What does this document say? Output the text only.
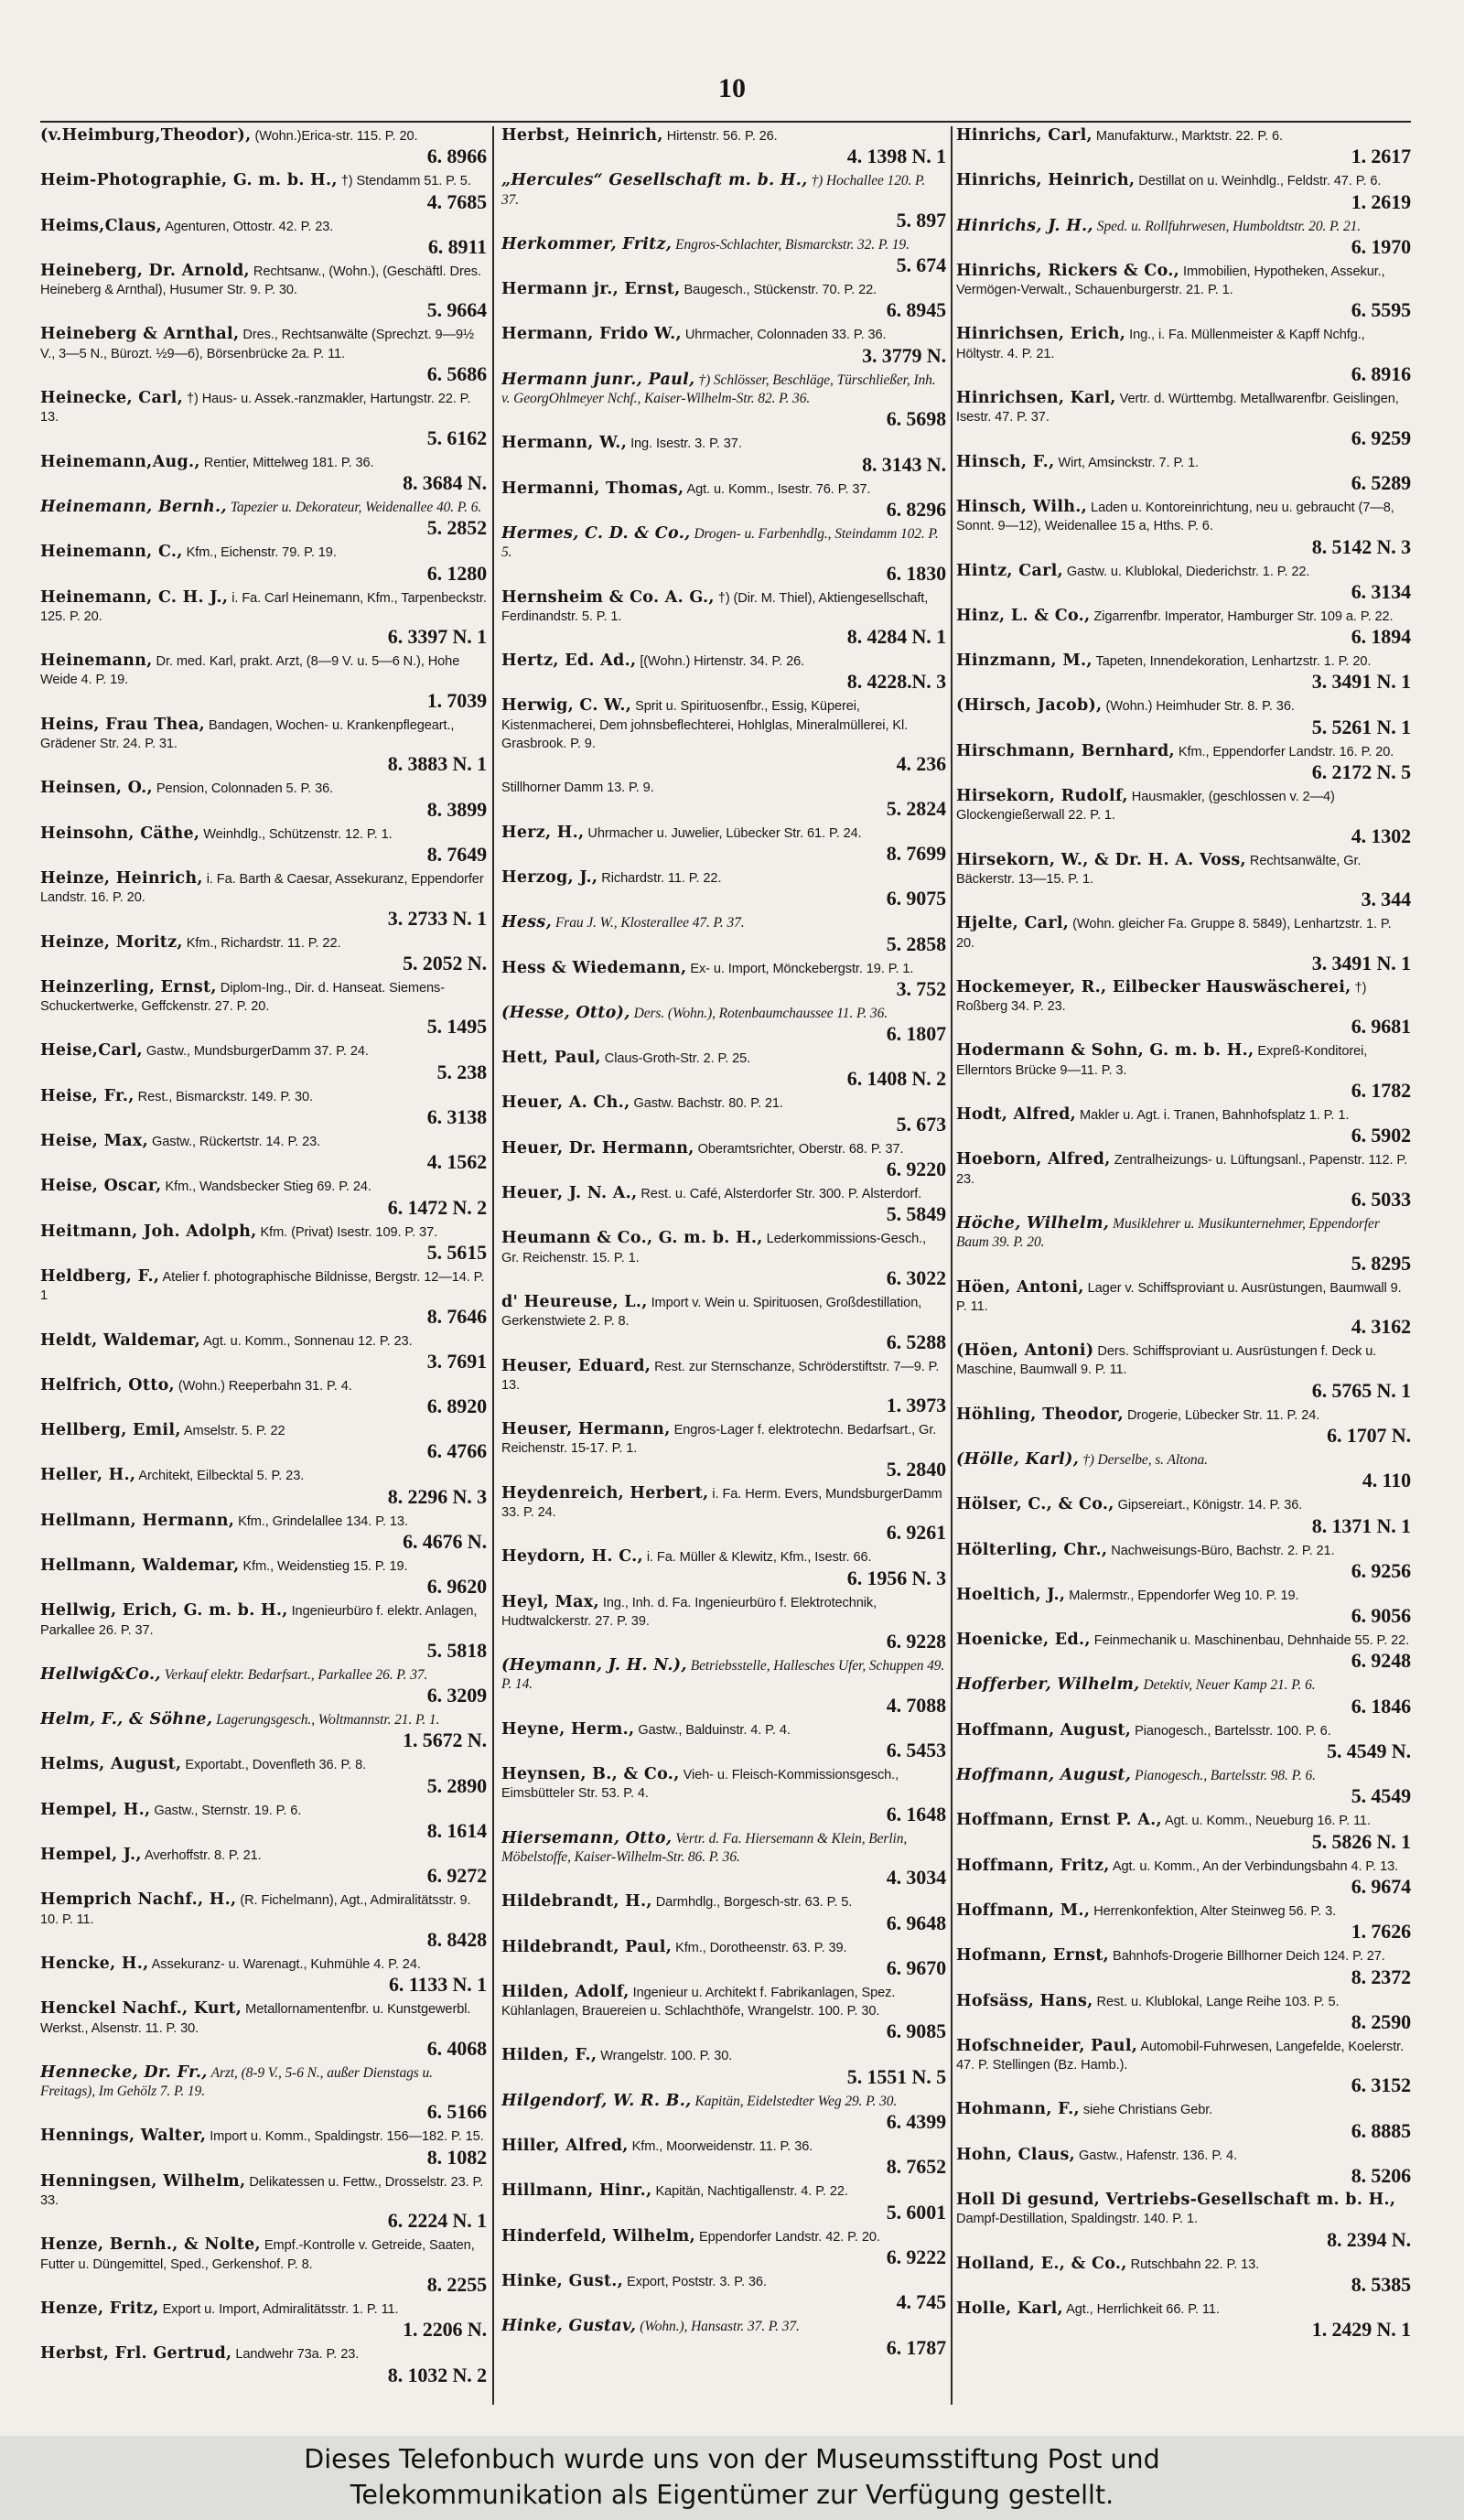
10
(v.Heimburg,Theodor), (Wohn.)Erica-str. 115. P. 20.
6. 8966
Heim-Photographie, G. m. b. H., †) Stendamm 51. P. 5.
4. 7685
Heims,Claus, Agenturen, Ottostr. 42. P. 23.
6. 8911
Heineberg, Dr. Arnold, Rechtsanw., (Wohn.), (Geschäftl. Dres. Heineberg & Arnthal), Husumer Str. 9. P. 30.
5. 9664
Heineberg & Arnthal, Dres., Rechtsanwälte (Sprechzt. 9—9½ V., 3—5 N., Bürozt. ½9—6), Börsenbrücke 2a. P. 11.
6. 5686
Heinecke, Carl, †) Haus- u. Assek.-ranzmakler, Hartungstr. 22. P. 13.
5. 6162
Heinemann,Aug., Rentier, Mittelweg 181. P. 36.
8. 3684 N.
Heinemann, Bernh., Tapezier u. Dekorateur, Weidenallee 40. P. 6.
5. 2852
Heinemann, C., Kfm., Eichenstr. 79. P. 19.
6. 1280
Heinemann, C. H. J., i. Fa. Carl Heinemann, Kfm., Tarpenbeckstr. 125. P. 20.
6. 3397 N. 1
Heinemann, Dr. med. Karl, prakt. Arzt, (8—9 V. u. 5—6 N.), Hohe Weide 4. P. 19.
1. 7039
Heins, Frau Thea, Bandagen, Wochen- u. Krankenpflegeart., Grädener Str. 24. P. 31.
8. 3883 N. 1
Heinsen, O., Pension, Colonnaden 5. P. 36.
8. 3899
Heinsohn, Cäthe, Weinhdlg., Schützenstr. 12. P. 1.
8. 7649
Heinze, Heinrich, i. Fa. Barth & Caesar, Assekuranz, Eppendorfer Landstr. 16. P. 20.
3. 2733 N. 1
Heinze, Moritz, Kfm., Richardstr. 11. P. 22.
5. 2052 N.
Heinzerling, Ernst, Diplom-Ing., Dir. d. Hanseat. Siemens-Schuckertwerke, Geffckenstr. 27. P. 20.
5. 1495
Heise,Carl, Gastw., MundsburgerDamm 37. P. 24.
5. 238
Heise, Fr., Rest., Bismarckstr. 149. P. 30.
6. 3138
Heise, Max, Gastw., Rückertstr. 14. P. 23.
4. 1562
Heise, Oscar, Kfm., Wandsbecker Stieg 69. P. 24.
6. 1472 N. 2
Heitmann, Joh. Adolph, Kfm. (Privat) Isestr. 109. P. 37.
5. 5615
Heldberg, F., Atelier f. photographische Bildnisse, Bergstr. 12—14. P. 1
8. 7646
Heldt, Waldemar, Agt. u. Komm., Sonnenau 12. P. 23.
3. 7691
Helfrich, Otto, (Wohn.) Reeperbahn 31. P. 4.
6. 8920
Hellberg, Emil, Amselstr. 5. P. 22
6. 4766
Heller, H., Architekt, Eilbecktal 5. P. 23.
8. 2296 N. 3
Hellmann, Hermann, Kfm., Grindelallee 134. P. 13.
6. 4676 N.
Hellmann, Waldemar, Kfm., Weidenstieg 15. P. 19.
6. 9620
Hellwig, Erich, G. m. b. H., Ingenieurbüro f. elektr. Anlagen, Parkallee 26. P. 37.
5. 5818
Hellwig&Co., Verkauf elektr. Bedarfsart., Parkallee 26. P. 37.
6. 3209
Helm, F., & Söhne, Lagerungsgesch., Woltmannstr. 21. P. 1.
1. 5672 N.
Helms, August, Exportabt., Dovenfleth 36. P. 8.
5. 2890
Hempel, H., Gastw., Sternstr. 19. P. 6.
8. 1614
Hempel, J., Averhoffstr. 8. P. 21.
6. 9272
Hemprich Nachf., H., (R. Fichelmann), Agt., Admiralitätsstr. 9. 10. P. 11.
8. 8428
Hencke, H., Assekuranz- u. Warenagt., Kuhmühle 4. P. 24.
6. 1133 N. 1
Henckel Nachf., Kurt, Metallornamentenfbr. u. Kunstgewerbl. Werkst., Alsenstr. 11. P. 30.
6. 4068
Hennecke, Dr. Fr., Arzt, (8-9 V., 5-6 N., außer Dienstags u. Freitags), Im Gehölz 7. P. 19.
6. 5166
Hennings, Walter, Import u. Komm., Spaldingstr. 156—182. P. 15.
8. 1082
Henningsen, Wilhelm, Delikatessen u. Fettw., Drosselstr. 23. P. 33.
6. 2224 N. 1
Henze, Bernh., & Nolte, Empf.-Kontrolle v. Getreide, Saaten, Futter u. Düngemittel, Sped., Gerkenshof. P. 8.
8. 2255
Henze, Fritz, Export u. Import, Admiralitätsstr. 1. P. 11.
1. 2206 N.
Herbst, Frl. Gertrud, Landwehr 73a. P. 23.
8. 1032 N. 2
Herbst, Heinrich, Hirtenstr. 56. P. 26.
4. 1398 N. 1
„Hercules“ Gesellschaft m. b. H., †) Hochallee 120. P. 37.
5. 897
Herkommer, Fritz, Engros-Schlachter, Bismarckstr. 32. P. 19.
5. 674
Hermann jr., Ernst, Baugesch., Stückenstr. 70. P. 22.
6. 8945
Hermann, Frido W., Uhrmacher, Colonnaden 33. P. 36.
3. 3779 N.
Hermann junr., Paul, †) Schlösser, Beschläge, Türschließer, Inh. v. GeorgOhlmeyer Nchf., Kaiser-Wilhelm-Str. 82. P. 36.
6. 5698
Hermann, W., Ing. Isestr. 3. P. 37.
8. 3143 N.
Hermanni, Thomas, Agt. u. Komm., Isestr. 76. P. 37.
6. 8296
Hermes, C. D. & Co., Drogen- u. Farbenhdlg., Steindamm 102. P. 5.
6. 1830
Hernsheim & Co. A. G., †) (Dir. M. Thiel), Aktiengesellschaft, Ferdinandstr. 5. P. 1.
8. 4284 N. 1
Hertz, Ed. Ad., [(Wohn.) Hirtenstr. 34. P. 26.
8. 4228.N. 3
Herwig, C. W., Sprit u. Spirituosenfbr., Essig, Küperei, Kistenmacherei, Dem johnsbeflechterei, Hohlglas, Mineralmüllerei, Kl. Grasbrook. P. 9.
4. 236
Stillhorner Damm 13. P. 9.
5. 2824
Herz, H., Uhrmacher u. Juwelier, Lübecker Str. 61. P. 24.
8. 7699
Herzog, J., Richardstr. 11. P. 22.
6. 9075
Hess, Frau J. W., Klosterallee 47. P. 37.
5. 2858
Hess & Wiedemann, Ex- u. Import, Mönckebergstr. 19. P. 1.
3. 752
(Hesse, Otto), Ders. (Wohn.), Rotenbaumchaussee 11. P. 36.
6. 1807
Hett, Paul, Claus-Groth-Str. 2. P. 25.
6. 1408 N. 2
Heuer, A. Ch., Gastw. Bachstr. 80. P. 21.
5. 673
Heuer, Dr. Hermann, Oberamtsrichter, Oberstr. 68. P. 37.
6. 9220
Heuer, J. N. A., Rest. u. Café, Alsterdorfer Str. 300. P. Alsterdorf.
5. 5849
Heumann & Co., G. m. b. H., Lederkommissions-Gesch., Gr. Reichenstr. 15. P. 1.
6. 3022
d' Heureuse, L., Import v. Wein u. Spirituosen, Großdestillation, Gerkenstwiete 2. P. 8.
6. 5288
Heuser, Eduard, Rest. zur Sternschanze, Schröderstiftstr. 7—9. P. 13.
1. 3973
Heuser, Hermann, Engros-Lager f. elektrotechn. Bedarfsart., Gr. Reichenstr. 15-17. P. 1.
5. 2840
Heydenreich, Herbert, i. Fa. Herm. Evers, MundsburgerDamm 33. P. 24.
6. 9261
Heydorn, H. C., i. Fa. Müller & Klewitz, Kfm., Isestr. 66.
6. 1956 N. 3
Heyl, Max, Ing., Inh. d. Fa. Ingenieurbüro f. Elektrotechnik, Hudtwalckerstr. 27. P. 39.
6. 9228
(Heymann, J. H. N.), Betriebsstelle, Hallesches Ufer, Schuppen 49. P. 14.
4. 7088
Heyne, Herm., Gastw., Balduinstr. 4. P. 4.
6. 5453
Heynsen, B., & Co., Vieh- u. Fleisch-Kommissionsgesch., Eimsbütteler Str. 53. P. 4.
6. 1648
Hiersemann, Otto, Vertr. d. Fa. Hiersemann & Klein, Berlin, Möbelstoffe, Kaiser-Wilhelm-Str. 86. P. 36.
4. 3034
Hildebrandt, H., Darmhdlg., Borgesch-str. 63. P. 5.
6. 9648
Hildebrandt, Paul, Kfm., Dorotheenstr. 63. P. 39.
6. 9670
Hilden, Adolf, Ingenieur u. Architekt f. Fabrikanlagen, Spez. Kühlanlagen, Brauereien u. Schlachthöfe, Wrangelstr. 100. P. 30.
6. 9085
Hilden, F., Wrangelstr. 100. P. 30.
5. 1551 N. 5
Hilgendorf, W. R. B., Kapitän, Eidelstedter Weg 29. P. 30.
6. 4399
Hiller, Alfred, Kfm., Moorweidenstr. 11. P. 36.
8. 7652
Hillmann, Hinr., Kapitän, Nachtigallenstr. 4. P. 22.
5. 6001
Hinderfeld, Wilhelm, Eppendorfer Landstr. 42. P. 20.
6. 9222
Hinke, Gust., Export, Poststr. 3. P. 36.
4. 745
Hinke, Gustav, (Wohn.), Hansastr. 37. P. 37.
6. 1787
Hinrichs, Carl, Manufakturw., Marktstr. 22. P. 6.
1. 2617
Hinrichs, Heinrich, Destillat on u. Weinhdlg., Feldstr. 47. P. 6.
1. 2619
Hinrichs, J. H., Sped. u. Rollfuhrwesen, Humboldtstr. 20. P. 21.
6. 1970
Hinrichs, Rickers & Co., Immobilien, Hypotheken, Assekur., Vermögen-Verwalt., Schauenburgerstr. 21. P. 1.
6. 5595
Hinrichsen, Erich, Ing., i. Fa. Müllenmeister & Kapff Nchfg., Höltystr. 4. P. 21.
6. 8916
Hinrichsen, Karl, Vertr. d. Württembg. Metallwarenfbr. Geislingen, Isestr. 47. P. 37.
6. 9259
Hinsch, F., Wirt, Amsinckstr. 7. P. 1.
6. 5289
Hinsch, Wilh., Laden u. Kontoreinrichtung, neu u. gebraucht (7—8, Sonnt. 9—12), Weidenallee 15 a, Hths. P. 6.
8. 5142 N. 3
Hintz, Carl, Gastw. u. Klublokal, Diederichstr. 1. P. 22.
6. 3134
Hinz, L. & Co., Zigarrenfbr. Imperator, Hamburger Str. 109 a. P. 22.
6. 1894
Hinzmann, M., Tapeten, Innendekoration, Lenhartzstr. 1. P. 20.
3. 3491 N. 1
(Hirsch, Jacob), (Wohn.) Heimhuder Str. 8. P. 36.
5. 5261 N. 1
Hirschmann, Bernhard, Kfm., Eppendorfer Landstr. 16. P. 20.
6. 2172 N. 5
Hirsekorn, Rudolf, Hausmakler, (geschlossen v. 2—4) Glockengießerwall 22. P. 1.
4. 1302
Hirsekorn, W., & Dr. H. A. Voss, Rechtsanwälte, Gr. Bäckerstr. 13—15. P. 1.
3. 344
Hjelte, Carl, (Wohn. gleicher Fa. Gruppe 8. 5849), Lenhartzstr. 1. P. 20.
3. 3491 N. 1
Hockemeyer, R., Eilbecker Hauswäscherei, †) Roßberg 34. P. 23.
6. 9681
Hodermann & Sohn, G. m. b. H., Expreß-Konditorei, Ellerntors Brücke 9—11. P. 3.
6. 1782
Hodt, Alfred, Makler u. Agt. i. Tranen, Bahnhofsplatz 1. P. 1.
6. 5902
Hoeborn, Alfred, Zentralheizungs- u. Lüftungsanl., Papenstr. 112. P. 23.
6. 5033
Höche, Wilhelm, Musiklehrer u. Musikunternehmer, Eppendorfer Baum 39. P. 20.
5. 8295
Höen, Antoni, Lager v. Schiffsproviant u. Ausrüstungen, Baumwall 9. P. 11.
4. 3162
(Höen, Antoni) Ders. Schiffsproviant u. Ausrüstungen f. Deck u. Maschine, Baumwall 9. P. 11.
6. 5765 N. 1
Höhling, Theodor, Drogerie, Lübecker Str. 11. P. 24.
6. 1707 N.
(Hölle, Karl), †) Derselbe, s. Altona.
4. 110
Hölser, C., & Co., Gipsereiart., Königstr. 14. P. 36.
8. 1371 N. 1
Hölterling, Chr., Nachweisungs-Büro, Bachstr. 2. P. 21.
6. 9256
Hoeltich, J., Malermstr., Eppendorfer Weg 10. P. 19.
6. 9056
Hoenicke, Ed., Feinmechanik u. Maschinenbau, Dehnhaide 55. P. 22.
6. 9248
Hofferber, Wilhelm, Detektiv, Neuer Kamp 21. P. 6.
6. 1846
Hoffmann, August, Pianogesch., Bartelsstr. 100. P. 6.
5. 4549 N.
Hoffmann, August, Pianogesch., Bartelsstr. 98. P. 6.
5. 4549
Hoffmann, Ernst P. A., Agt. u. Komm., Neueburg 16. P. 11.
5. 5826 N. 1
Hoffmann, Fritz, Agt. u. Komm., An der Verbindungsbahn 4. P. 13.
6. 9674
Hoffmann, M., Herrenkonfektion, Alter Steinweg 56. P. 3.
1. 7626
Hofmann, Ernst, Bahnhofs-Drogerie Billhorner Deich 124. P. 27.
8. 2372
Hofsäss, Hans, Rest. u. Klublokal, Lange Reihe 103. P. 5.
8. 2590
Hofschneider, Paul, Automobil-Fuhrwesen, Langefelde, Koelerstr. 47. P. Stellingen (Bz. Hamb.).
6. 3152
Hohmann, F., siehe Christians Gebr.
6. 8885
Hohn, Claus, Gastw., Hafenstr. 136. P. 4.
8. 5206
Holl Di gesund, Vertriebs-Gesellschaft m. b. H., Dampf-Destillation, Spaldingstr. 140. P. 1.
8. 2394 N.
Holland, E., & Co., Rutschbahn 22. P. 13.
8. 5385
Holle, Karl, Agt., Herrlichkeit 66. P. 11.
1. 2429 N. 1
Dieses Telefonbuch wurde uns von der Museumsstiftung Post und
Telekommunikation als Eigentümer zur Verfügung gestellt.
